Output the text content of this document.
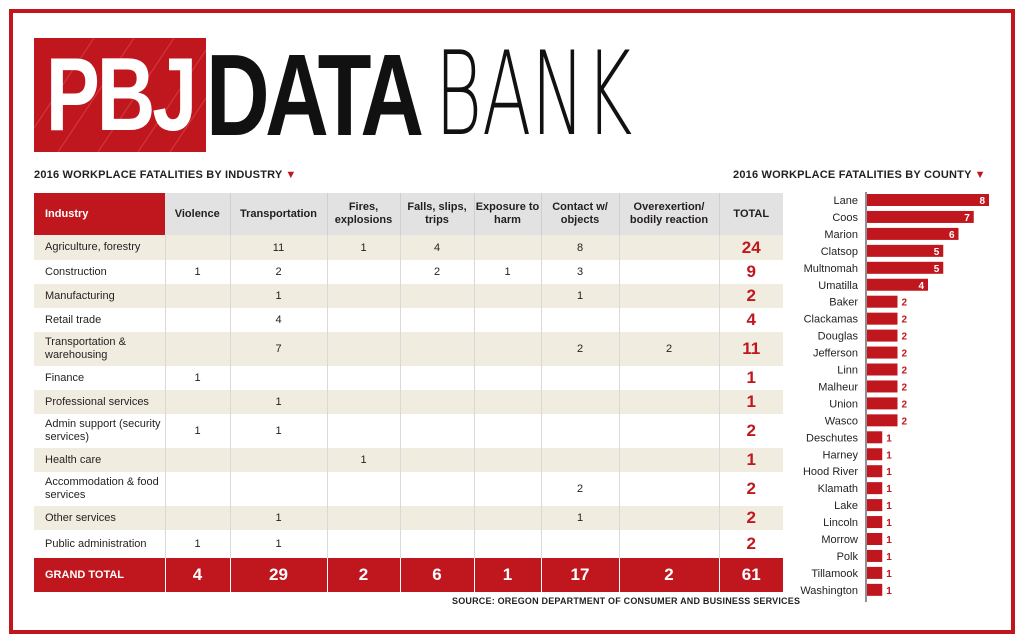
PBJ DATA BANK
2016 WORKPLACE FATALITIES BY INDUSTRY ▼	2016 WORKPLACE FATALITIES BY COUNTY ▼
Industry	Violence	Transportation	Fires, explosions	Falls, slips, trips	Exposure to harm	Contact w/ objects	Overexertion/ bodily reaction	TOTAL
Agriculture, forestry		11	1	4		8		24
Construction	1	2		2	1	3		9
Manufacturing		1				1		2
Retail trade		4						4
Transportation & warehousing		7				2	2	11
Finance	1							1
Professional services		1						1
Admin support (security services)	1	1						2
Health care			1					1
Accommodation & food services						2		2
Other services		1				1		2
Public administration	1	1						2
GRAND TOTAL	4	29	2	6	1	17	2	61
SOURCE: OREGON DEPARTMENT OF CONSUMER AND BUSINESS SERVICES
Lane	8
Coos	7
Marion	6
Clatsop	5
Multnomah	5
Umatilla	4
Baker	2
Clackamas	2
Douglas	2
Jefferson	2
Linn	2
Malheur	2
Union	2
Wasco	2
Deschutes	1
Harney	1
Hood River	1
Klamath	1
Lake	1
Lincoln	1
Morrow	1
Polk	1
Tillamook	1
Washington	1
